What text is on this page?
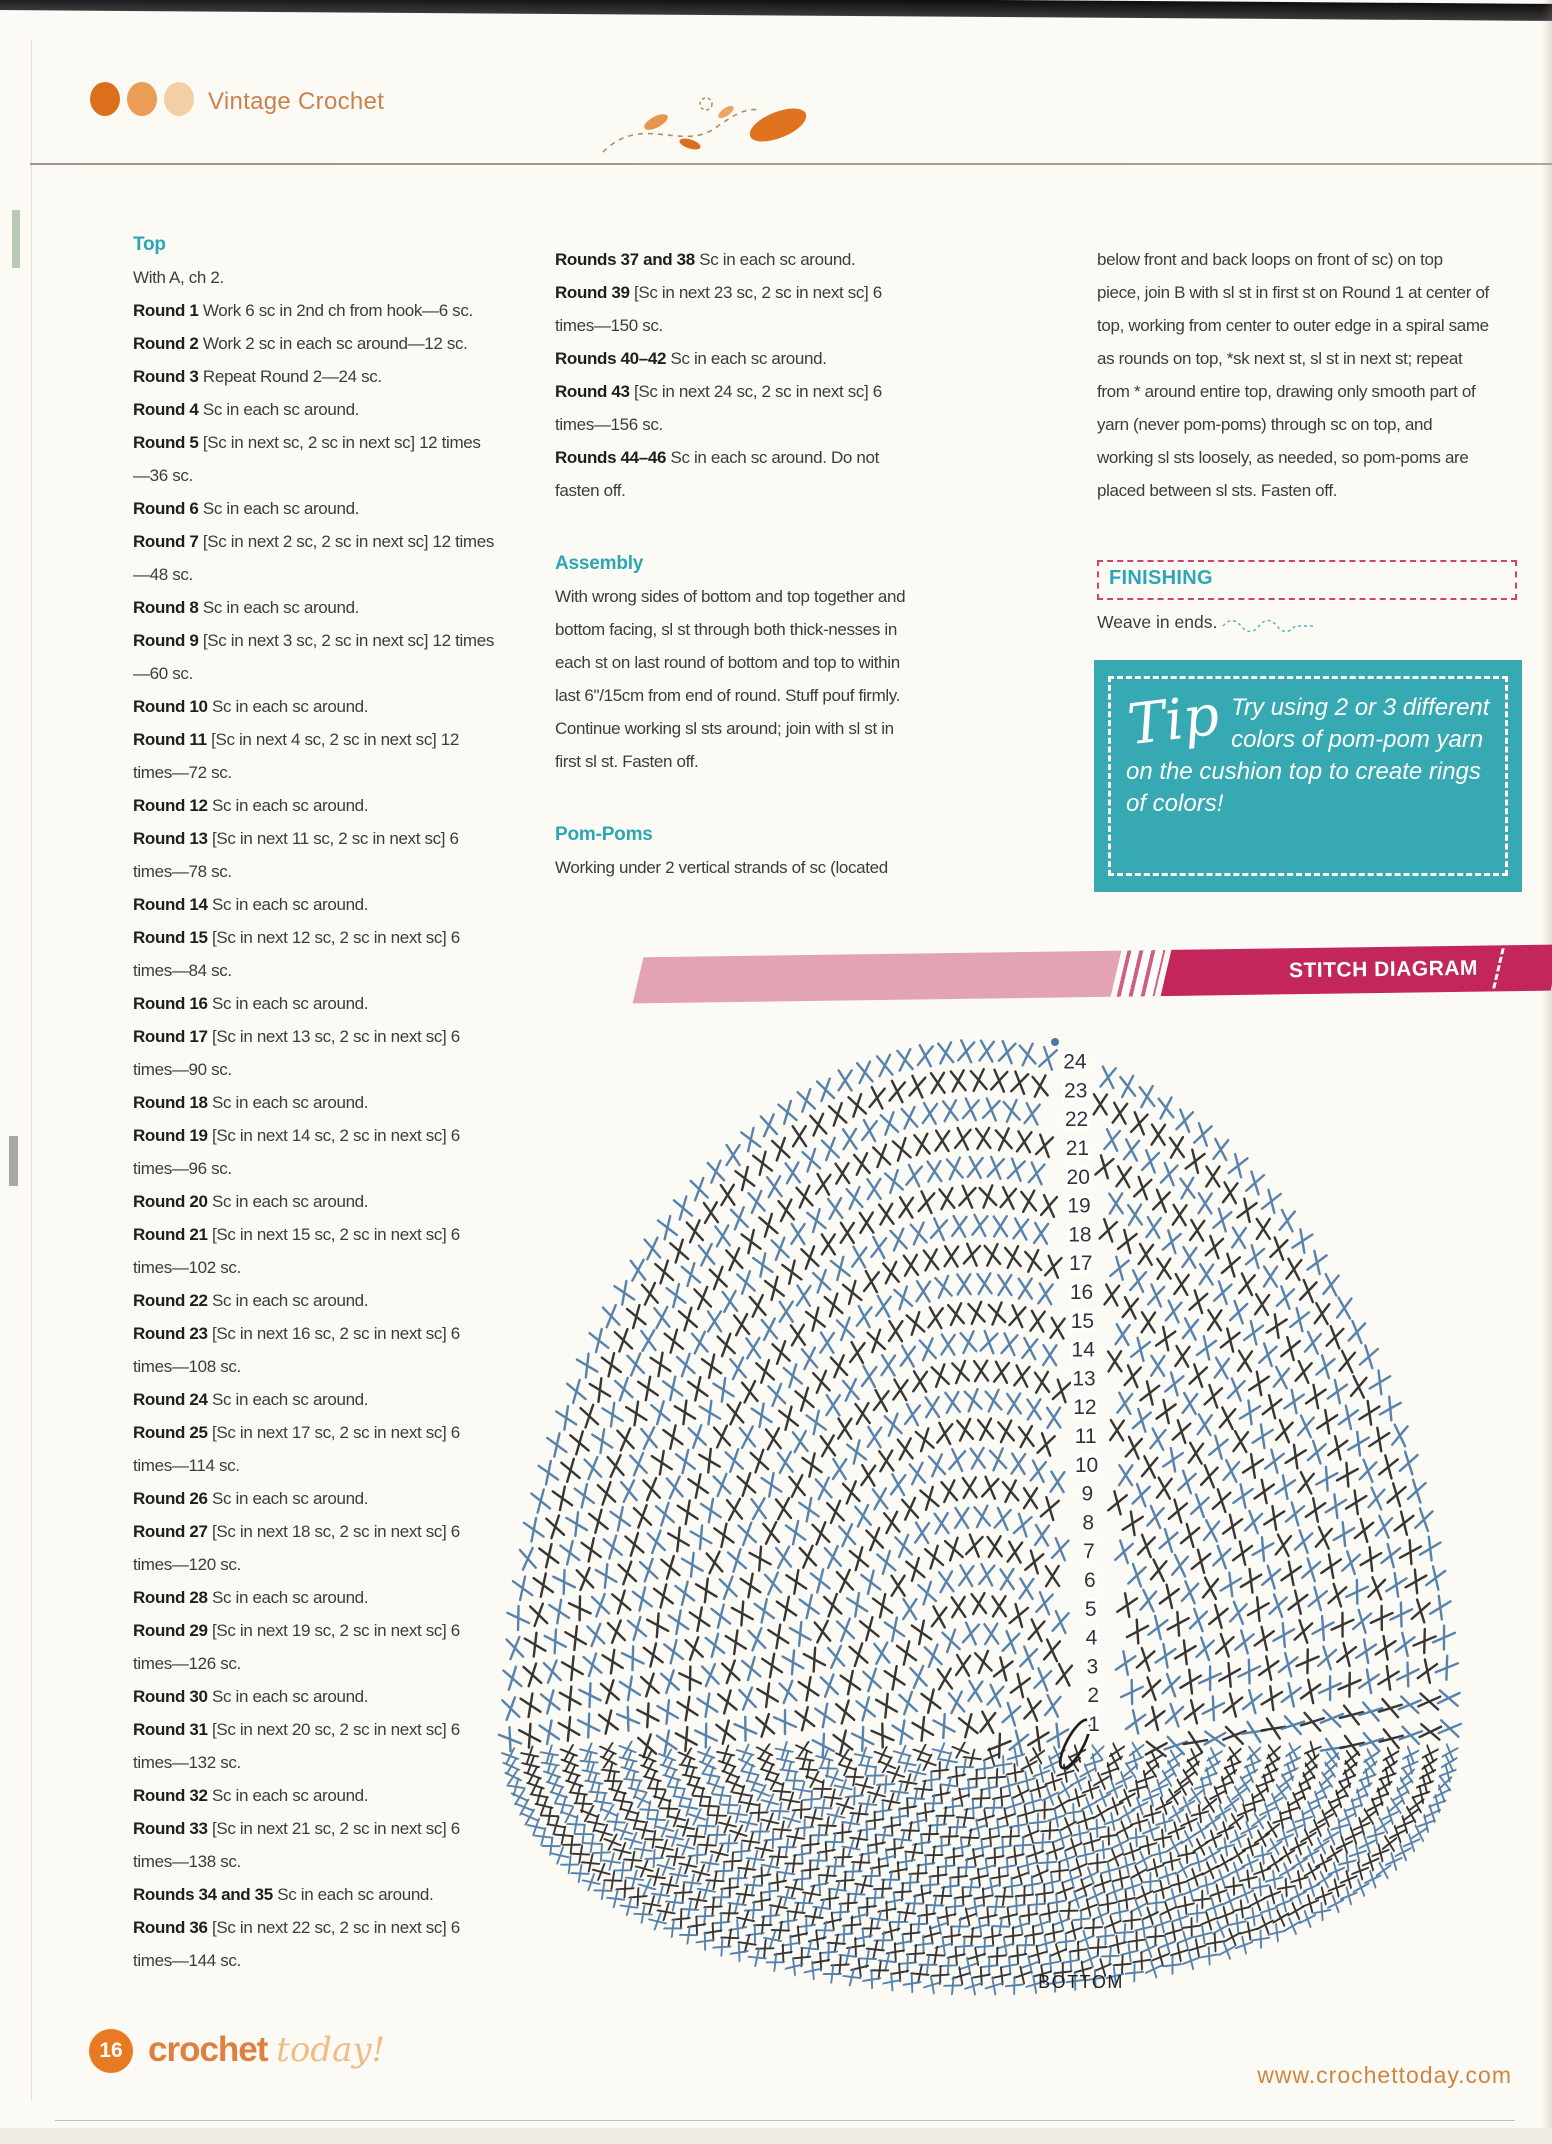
Vintage Crochet

Top

With A, ch 2.

Round 1 Work 6 sc in 2nd ch from hook—6 sc.

Round 2 Work 2 sc in each sc around—12 sc.

Round 3 Repeat Round 2—24 sc.

Round 4 Sc in each sc around.

Round 5 [Sc in next sc, 2 sc in next sc] 12 times—36 sc.

Round 6 Sc in each sc around.

Round 7 [Sc in next 2 sc, 2 sc in next sc] 12 times—48 sc.

Round 8 Sc in each sc around.

Round 9 [Sc in next 3 sc, 2 sc in next sc] 12 times—60 sc.

Round 10 Sc in each sc around.

Round 11 [Sc in next 4 sc, 2 sc in next sc] 12 times—72 sc.

Round 12 Sc in each sc around.

Round 13 [Sc in next 11 sc, 2 sc in next sc] 6 times—78 sc.

Round 14 Sc in each sc around.

Round 15 [Sc in next 12 sc, 2 sc in next sc] 6 times—84 sc.

Round 16 Sc in each sc around.

Round 17 [Sc in next 13 sc, 2 sc in next sc] 6 times—90 sc.

Round 18 Sc in each sc around.

Round 19 [Sc in next 14 sc, 2 sc in next sc] 6 times—96 sc.

Round 20 Sc in each sc around.

Round 21 [Sc in next 15 sc, 2 sc in next sc] 6 times—102 sc.

Round 22 Sc in each sc around.

Round 23 [Sc in next 16 sc, 2 sc in next sc] 6 times—108 sc.

Round 24 Sc in each sc around.

Round 25 [Sc in next 17 sc, 2 sc in next sc] 6 times—114 sc.

Round 26 Sc in each sc around.

Round 27 [Sc in next 18 sc, 2 sc in next sc] 6 times—120 sc.

Round 28 Sc in each sc around.

Round 29 [Sc in next 19 sc, 2 sc in next sc] 6 times—126 sc.

Round 30 Sc in each sc around.

Round 31 [Sc in next 20 sc, 2 sc in next sc] 6 times—132 sc.

Round 32 Sc in each sc around.

Round 33 [Sc in next 21 sc, 2 sc in next sc] 6 times—138 sc.

Rounds 34 and 35 Sc in each sc around.

Round 36 [Sc in next 22 sc, 2 sc in next sc] 6 times—144 sc.

Rounds 37 and 38 Sc in each sc around.

Round 39 [Sc in next 23 sc, 2 sc in next sc] 6 times—150 sc.

Rounds 40–42 Sc in each sc around.

Round 43 [Sc in next 24 sc, 2 sc in next sc] 6 times—156 sc.

Rounds 44–46 Sc in each sc around. Do not fasten off.

Assembly

With wrong sides of bottom and top together and bottom facing, sl st through both thick-nesses in each st on last round of bottom and top to within last 6"/15cm from end of round. Stuff pouf firmly. Continue working sl sts around; join with sl st in first sl st. Fasten off.

Pom-Poms

Working under 2 vertical strands of sc (located

below front and back loops on front of sc) on top piece, join B with sl st in first st on Round 1 at center of top, working from center to outer edge in a spiral same as rounds on top, *sk next st, sl st in next st; repeat from * around entire top, drawing only smooth part of yarn (never pom-poms) through sc on top, and working sl sts loosely, as needed, so pom-poms are placed between sl sts. Fasten off.

FINISHING
Weave in ends.
Tip Try using 2 or 3 different colors of pom-pom yarn on the cushion top to create rings of colors!
STITCH DIAGRAM
1
2
3
4
5
6
7
8
9
10
11
12
13
14
15
16
17
18
19
20
21
22
23
24
BOTTOM
16 crochet today!
www.crochettoday.com
